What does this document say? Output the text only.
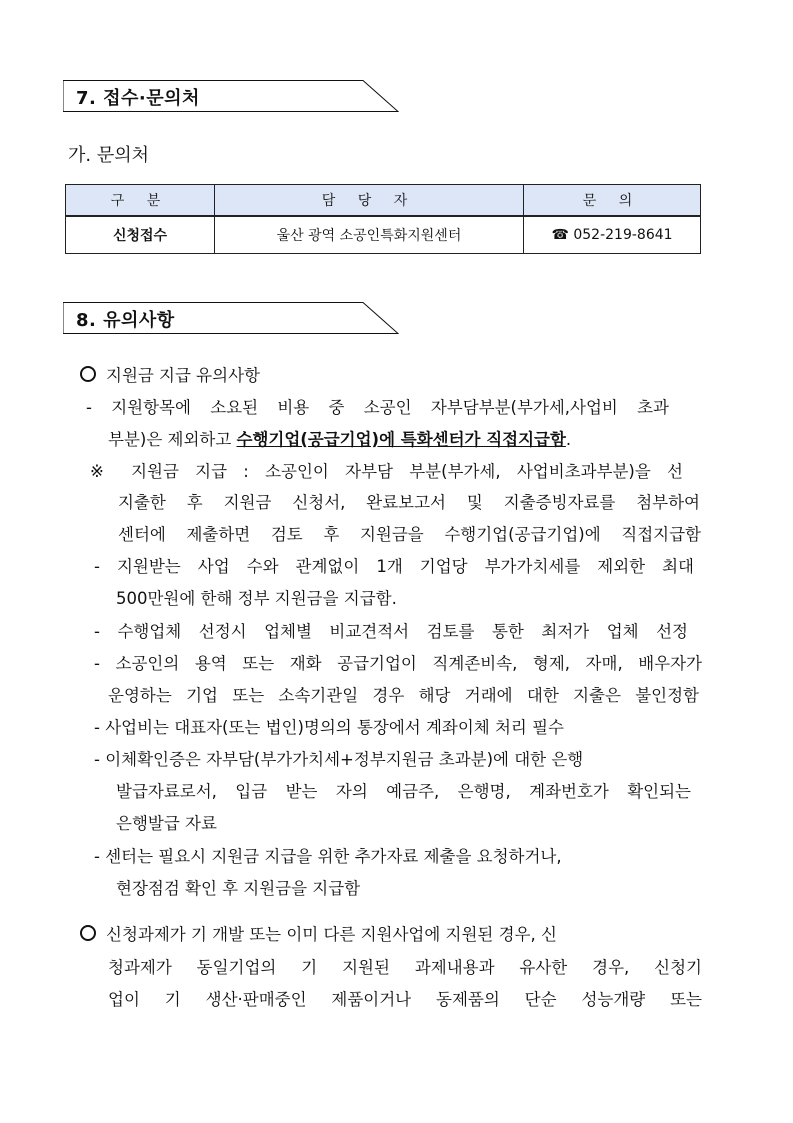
7. 접수·문의처
가. 문의처
구 분	담 당 자	문 의
신청접수	울산 광역 소공인특화지원센터	☎ 052-219-8641
8. 유의사항
지원금 지급 유의사항
- 지원항목에 소요된 비용 중 소공인 자부담부분(부가세,사업비 초과
부분)은 제외하고 수행기업(공급기업)에 특화센터가 직접지급함.
※ 지원금 지급 : 소공인이 자부담 부분(부가세, 사업비초과부분)을 선
지출한 후 지원금 신청서, 완료보고서 및 지출증빙자료를 첨부하여
센터에 제출하면 검토 후 지원금을 수행기업(공급기업)에 직접지급함
- 지원받는 사업 수와 관계없이 1개 기업당 부가가치세를 제외한 최대
500만원에 한해 정부 지원금을 지급함.
- 수행업체 선정시 업체별 비교견적서 검토를 통한 최저가 업체 선정
- 소공인의 용역 또는 재화 공급기업이 직계존비속, 형제, 자매, 배우자가
운영하는 기업 또는 소속기관일 경우 해당 거래에 대한 지출은 불인정함
- 사업비는 대표자(또는 법인)명의의 통장에서 계좌이체 처리 필수
- 이체확인증은 자부담(부가가치세+정부지원금 초과분)에 대한 은행
발급자료로서, 입금 받는 자의 예금주, 은행명, 계좌번호가 확인되는
은행발급 자료
- 센터는 필요시 지원금 지급을 위한 추가자료 제출을 요청하거나,
현장점검 확인 후 지원금을 지급함
신청과제가 기 개발 또는 이미 다른 지원사업에 지원된 경우, 신
청과제가 동일기업의 기 지원된 과제내용과 유사한 경우, 신청기
업이 기 생산·판매중인 제품이거나 동제품의 단순 성능개량 또는
